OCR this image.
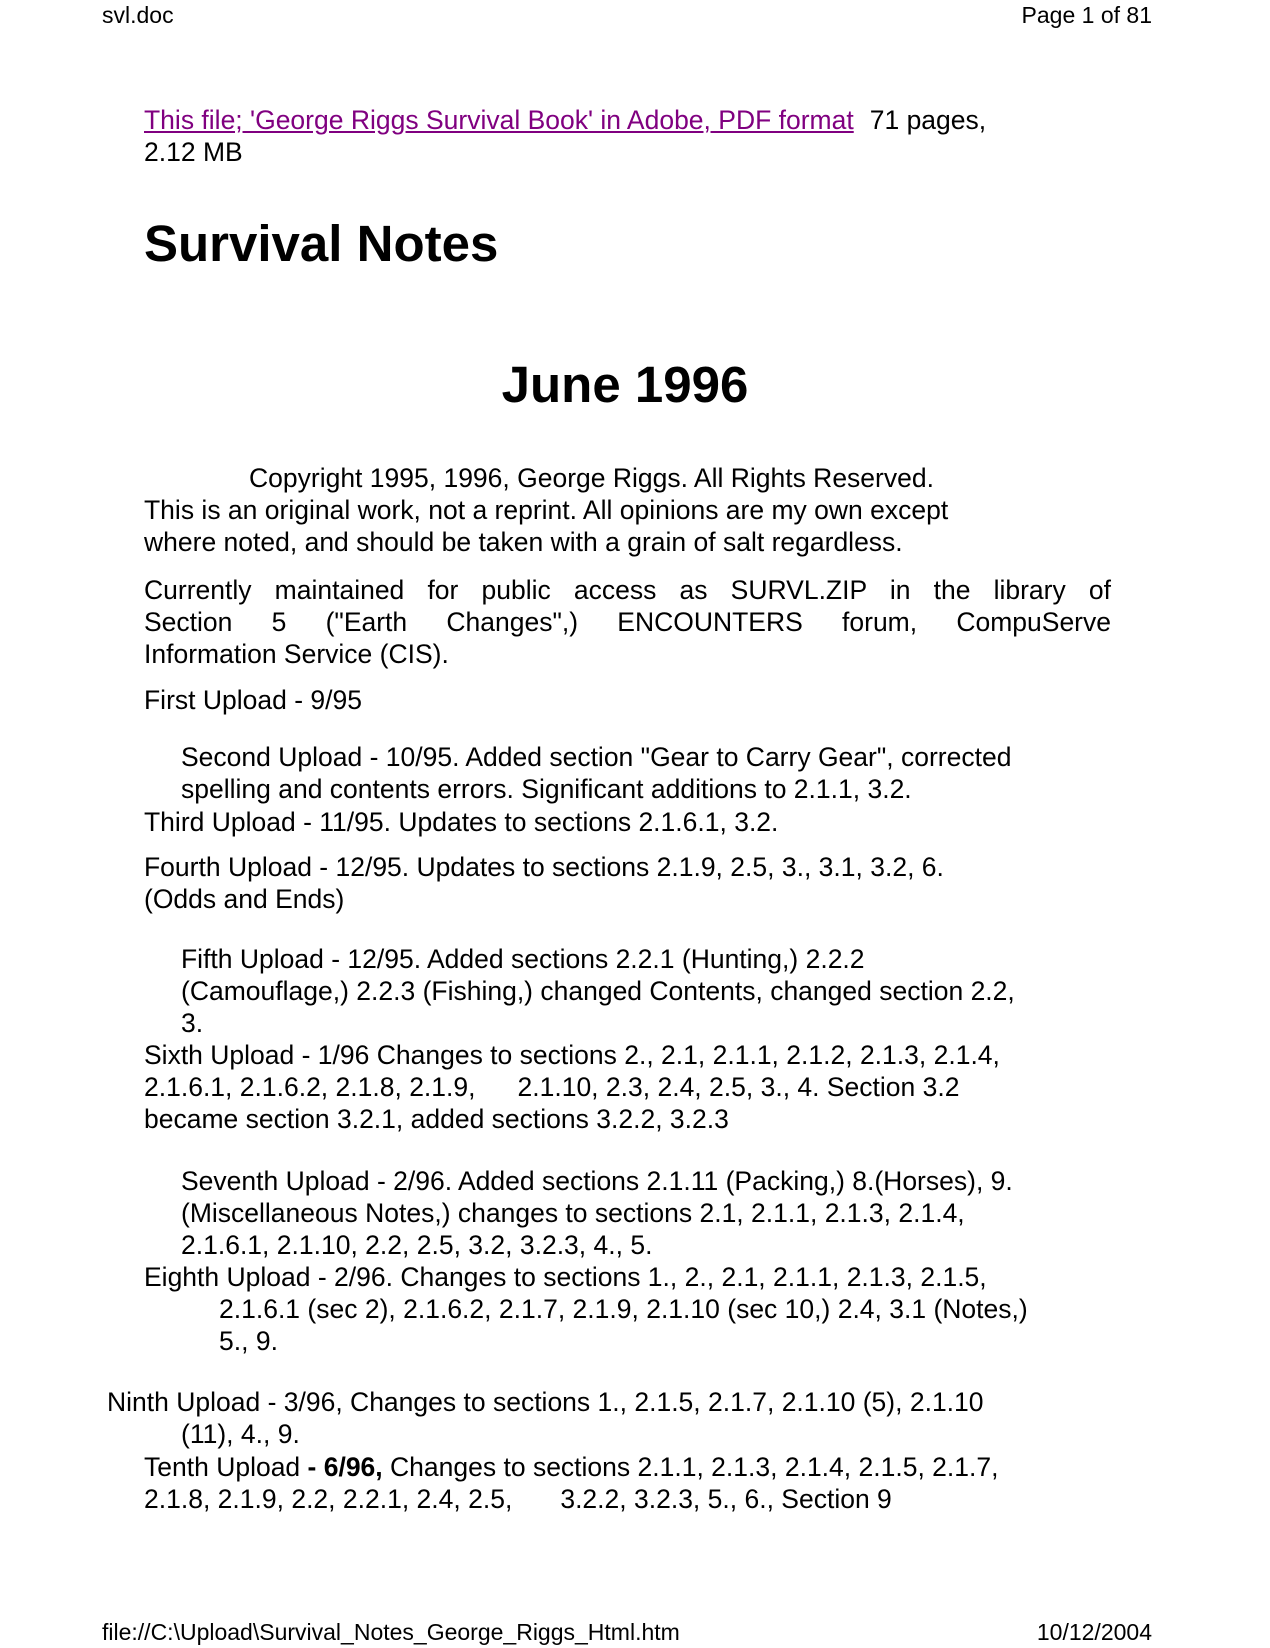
svl.doc	Page 1 of 81
This file; 'George Riggs Survival Book' in Adobe, PDF format 71 pages,
2.12 MB
Survival Notes
June 1996
Copyright 1995, 1996, George Riggs. All Rights Reserved.
This is an original work, not a reprint. All opinions are my own except
where noted, and should be taken with a grain of salt regardless.
Currently maintained for public access as SURVL.ZIP in the library of
Section 5 ("Earth Changes",) ENCOUNTERS forum, CompuServe
Information Service (CIS).
First Upload - 9/95
Second Upload - 10/95. Added section "Gear to Carry Gear", corrected
spelling and contents errors. Significant additions to 2.1.1, 3.2.
Third Upload - 11/95. Updates to sections 2.1.6.1, 3.2.
Fourth Upload - 12/95. Updates to sections 2.1.9, 2.5, 3., 3.1, 3.2, 6.
(Odds and Ends)
Fifth Upload - 12/95. Added sections 2.2.1 (Hunting,) 2.2.2
(Camouflage,) 2.2.3 (Fishing,) changed Contents, changed section 2.2,
3.
Sixth Upload - 1/96 Changes to sections 2., 2.1, 2.1.1, 2.1.2, 2.1.3, 2.1.4,
2.1.6.1, 2.1.6.2, 2.1.8, 2.1.9, 2.1.10, 2.3, 2.4, 2.5, 3., 4. Section 3.2
became section 3.2.1, added sections 3.2.2, 3.2.3
Seventh Upload - 2/96. Added sections 2.1.11 (Packing,) 8.(Horses), 9.
(Miscellaneous Notes,) changes to sections 2.1, 2.1.1, 2.1.3, 2.1.4,
2.1.6.1, 2.1.10, 2.2, 2.5, 3.2, 3.2.3, 4., 5.
Eighth Upload - 2/96. Changes to sections 1., 2., 2.1, 2.1.1, 2.1.3, 2.1.5,
2.1.6.1 (sec 2), 2.1.6.2, 2.1.7, 2.1.9, 2.1.10 (sec 10,) 2.4, 3.1 (Notes,)
5., 9.
Ninth Upload - 3/96, Changes to sections 1., 2.1.5, 2.1.7, 2.1.10 (5), 2.1.10
(11), 4., 9.
Tenth Upload - 6/96, Changes to sections 2.1.1, 2.1.3, 2.1.4, 2.1.5, 2.1.7,
2.1.8, 2.1.9, 2.2, 2.2.1, 2.4, 2.5, 3.2.2, 3.2.3, 5., 6., Section 9
file://C:\Upload\Survival_Notes_George_Riggs_Html.htm	10/12/2004
